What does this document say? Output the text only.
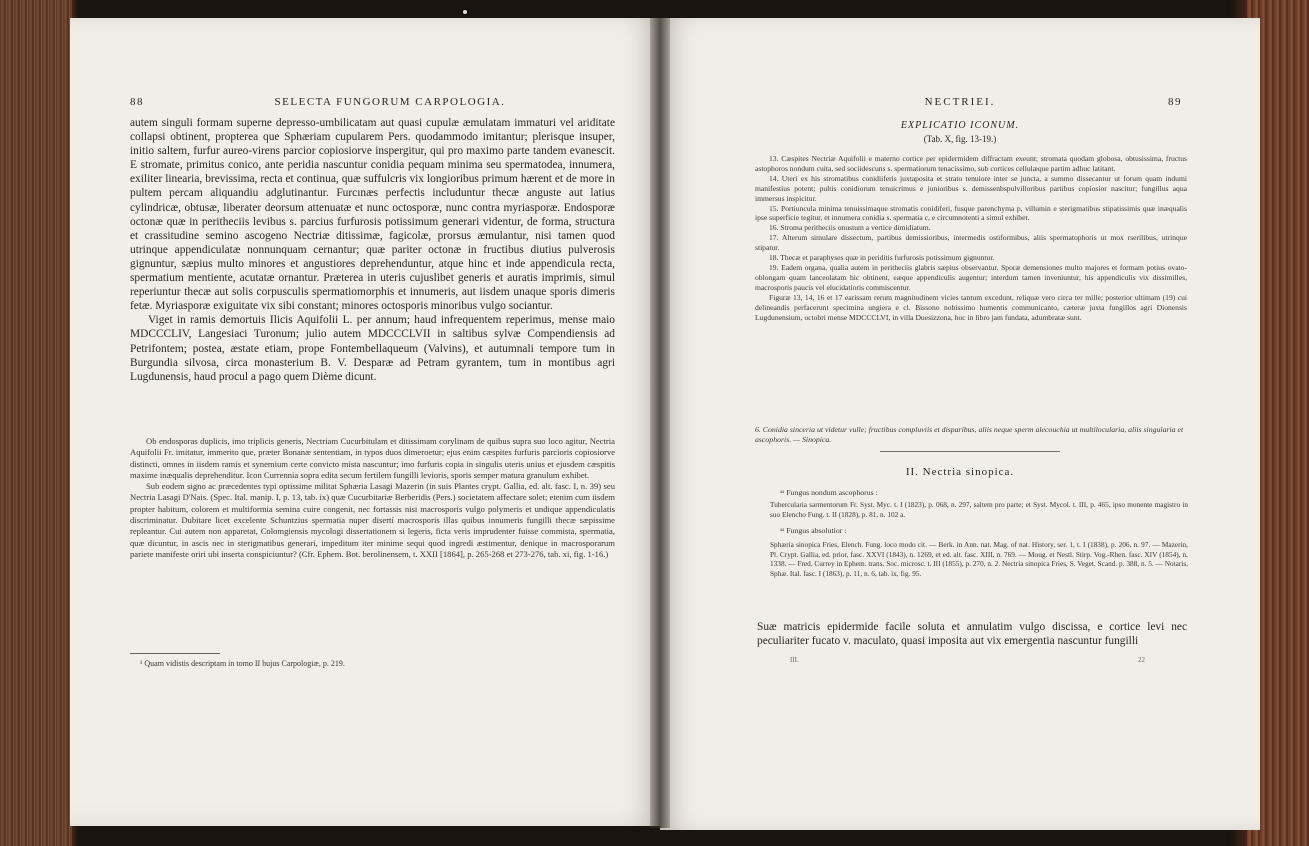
88	SELECTA FUNGORUM CARPOLOGIA.

autem singuli formam superne depresso-umbilicatam aut quasi cupulæ æmulatam immaturi vel ariditate collapsi obtinent, propterea que Sphæriam cupularem Pers. quodammodo imitantur; plerisque insuper, initio saltem, furfur aureo-virens parcior copiosiorve inspergitur, qui pro maximo parte tandem evanescit. E stromate, primitus conico, ante peridia nascuntur conidia pequam minima seu spermatodea, innumera, exiliter linearia, brevissima, recta et continua, quæ suffulcris vix longioribus primum hærent et de more in pultem percam aliquandiu adglutinantur. Furcınæs perfectis includuntur thecæ anguste aut latius cylindricæ, obtusæ, liberater deorsum attenuatæ et nunc octosporæ, nunc contra myriasporæ. Endosporæ octonæ quæ in peritheciis levibus s. parcius furfurosis potissimum generari videntur, de forma, structura et crassitudine semino ascogeno Nectriæ ditissimæ, fagicolæ, prorsus æmulantur, nisi tamen quod utrinque appendiculatæ nonnunquam cernantur; quæ pariter octonæ in fructibus diutius pulverosis gignuntur, sæpius multo minores et angustiores deprehenduntur, atque hinc et inde appendicula recta, spermatium mentiente, acutatæ ornantur. Præterea in uteris cujuslibet generis et auratis imprimis, simul reperiuntur thecæ aut solis corpusculis spermatiomorphis et innumeris, aut iisdem unaque sporis dimeris fetæ. Myriasporæ exiguitate vix sibi constant; minores octosporis minoribus vulgo sociantur.

Viget in ramis demortuis Ilicis Aquifolii L. per annum; haud infrequentem reperimus, mense maio MDCCCLIV, Langesiaci Turonum; julio autem MDCCCLVII in saltibus sylvæ Compendiensis ad Petrifontem; postea, æstate etiam, prope Fontembellaqueum (Valvins), et autumnali tempore tum in Burgundia silvosa, circa monasterium B. V. Desparæ ad Petram gyrantem, tum in montibus agri Lugdunensis, haud procul a pago quem Dième dicunt.

Ob endosporas duplicis, imo triplicis generis, Nectriam Cucurbitulam et ditissimam corylinam de quibus supra suo loco agitur, Nectria Aquifolii Fr. imitatur, immerito que, præter Bonanæ sententiam, in typos duos dimeroetur; ejus enim cæspites furfuris parcioris copiosiorve distincti, omnes in iisdem ramis et synemium certe convicto mista nascuntur; imo furfuris copia in singulis uteris unius et ejusdem cæspitis maxime inæqualis deprehenditur. Icon Currennia sopra edita secum fertilem fungilli levioris, sporis semper matura granulum exhibet.

Sub eodem signo ac præcedentes typi optissime militat Sphæria Lasagi Mazerin (in suis Plantes crypt. Gallia, ed. alt. fasc. I, n. 39) seu Nectria Lasagi D'Nais. (Spec. Ital. manip. I, p. 13, tab. ix) quæ Cucurbitariæ Berberidis (Pers.) societatem affectare solet; etenim cum iisdem propter habitum, colorem et multiformia semina cuire congenit, nec fortassis nisi macrosporis vulgo polymeris et undique appendiculatis discriminatur. Dubitare licet excelente Schuntzius spermatia nuper disertí macrosporis illas quibus innumeris fungilli thecæ sæpissime repleantur. Cui autem non apparetat, Colomgiensis mycologi dissertationem si legeris, ficta veris imprudenter fuisse commista, spermatia, quæ dicuntur, in ascis nec in sterigmatibus generari, impeditum iter minime sequi quod ingredi æstimentur, denique in macrosporarum pariete manifeste oriri ubi inserta conspiciuntur? (Cfr. Ephem. Bot. berolinensem, t. XXII [1864], p. 265-268 et 273-276, tab. xi, fig. 1-16.)

¹ Quam vidistis descriptam in tomo II hujus Carpologiæ, p. 219.
NECTRIEI.	89
EXPLICATIO ICONUM.
(Tab. X, fig. 13-19.)

13. Cæspites Nectriæ Aquifolii e materno cortice per epidermidem diffractam exeunt; stromata quodam globosa, obtusissima, fructus astophoros nondum cuita, sed sociidescuns s. spermatiorum tenacissimo, sub cortices cellulæque partim adhuc latitant.

14. Uteri ex his stromatibus conidiiferis juxtaposita et strato tenuiore inter se juncta, a summo dissecantur ut forum quam indumi manifestius potent; pultis conidiorum tenuicrimus e junioribus s. demissenbspulvilloribus partibus copiosior nascitur; fungillus aqua immersus inspicitur.

15. Portiuncula minima tenuissimaque stromatis conidiferi, fusque parenchyma p, villumin e sterigmatibus stipatissimis quæ inæqualis ipse superficie tegitur, et innumera conidia s. spermatia c, e circumnotenti a simul exhibet.

16. Stroma peritheciis onustum a vertice dimidiatum.

17. Alterum simulare dissectum, partibus demissioribus, intermedis ostiformibus, aliis spermatophoris ut mox rserilibus, utrinque stipatur.

18. Thecæ et paraphyses quæ in periditis furfurosis potissimum gignuntur.

19. Eadem organa, qualia autem in peritheciis glabris sæpius observantur. Sporæ demensiones multo majores et formam potius ovato-oblongam quam lanceolatam hic obtinent, eæque appendiculis augentur; interdum tamen inveniuntur, his appendiculis vix dissimilles, macrosporis paucis vel elucidatioris commiscentur.

Figuræ 13, 14, 16 et 17 earissam rerum magnitudinem vicies tantum excedunt, reliquæ vero circa ter mille; posterior ultimam (19) cui delineandis perfacerunt specimina ungiera e cl. Bissono nobissimo humentis communicanto, cæteræ juxta fungillos agri Dionensis Lugdunensium, octobri mense MDCCCLVI, in villa Duesizzona, hoc in libro jam fundata, adumbratæ sunt.

6. Conidia sinceria ut videtur vulle; fructibus compluviis et disparibus, aliis neque sperm alecouchia ut multilocularia, aliis singularia et ascophoris. — Sinopica.
II. Nectria sinopica.
ᵃᵃ Fungus nondum ascophorus :
Tubercularia sarmentorum Fr. Syst. Myc. t. I (1823), p. 068, n. 297, saltem pro parte; et Syst. Mycol. t. III, p. 465, ipso monente magistro in suo Elencho Fung. t. II (1828), p. 81, n. 102 a.
ᵃᵃ Fungus absolutior :
Sphæria sinopica Fries, Elench. Fung. loco modo cit. — Berk. in Ann. nat. Mag. of nat. History, ser. 1, t. I (1838), p. 206, n. 97. — Mazerin, Pl. Crypt. Gallia, ed. prior, fasc. XXVI (1843), n. 1269, et ed. alt. fasc. XIII, n. 769. — Moug. et Nestl. Stirp. Vog.-Rhen. fasc. XIV (1854), n. 1338. — Fred. Currey in Ephem. trans. Soc. microsc. t. III (1855), p. 270, n. 2. Nectria sinopica Fries, S. Veget. Scand. p. 388, n. 5. — Notaris, Sphæ. Ital. fasc. I (1863), p. 11, n. 6, tab. ix, fig. 95.
Suæ matricis epidermide facile soluta et annulatim vulgo discissa, e cortice levi nec peculiariter fucato v. maculato, quasi imposita aut vix emergentia nascuntur fungilli
III.	22
